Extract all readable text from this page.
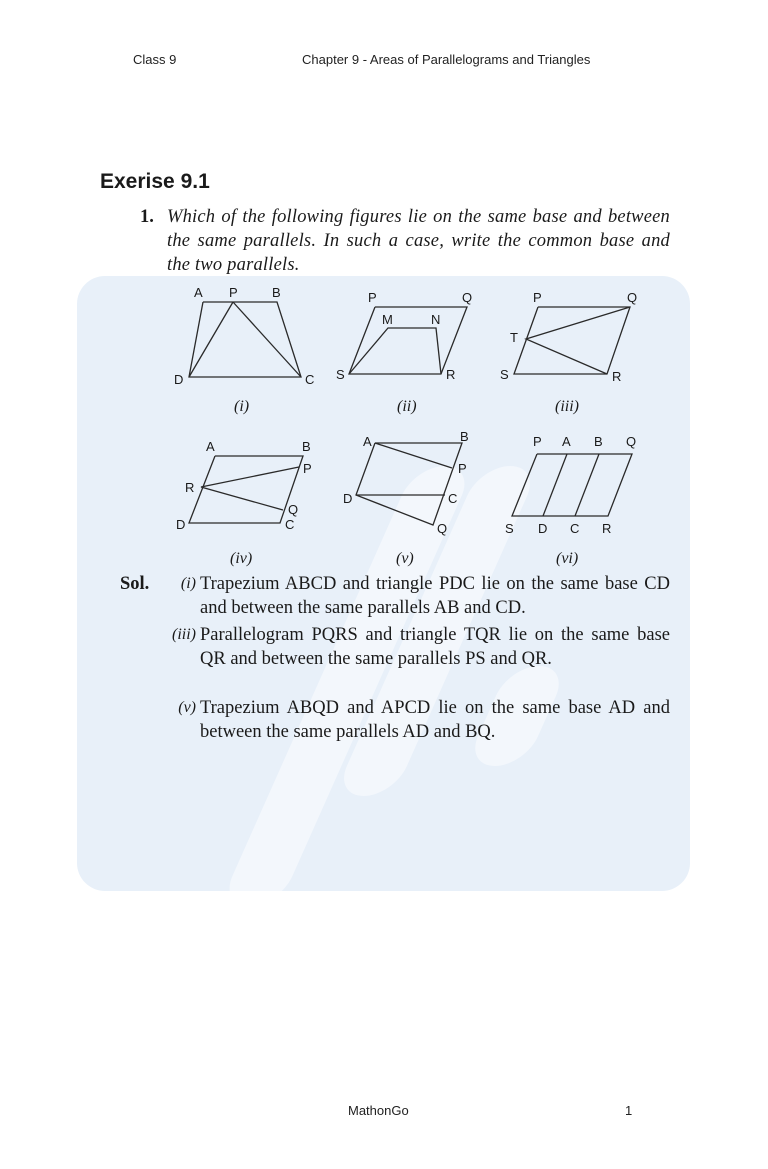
Class 9	Chapter 9 - Areas of Parallelograms and Triangles
Exerise 9.1
1. Which of the following figures lie on the same base and between the same parallels. In such a case, write the common base and the two parallels.
A P	B
D	C
(i)
P	Q
M	N
S	R
(ii)
P	Q
T
S	R
(iii)
A	B
P
R
Q
D	C
(iv)
A	B
P
D	C
Q
(v)
P A B Q
S D C R
(vi)
Sol.	(i) Trapezium ABCD and triangle PDC lie on the same base CD and between the same parallels AB and CD.
(iii) Parallelogram PQRS and triangle TQR lie on the same base QR and between the same parallels PS and QR.
(v) Trapezium ABQD and APCD lie on the same base AD and between the same parallels AD and BQ.
MathonGo	1
